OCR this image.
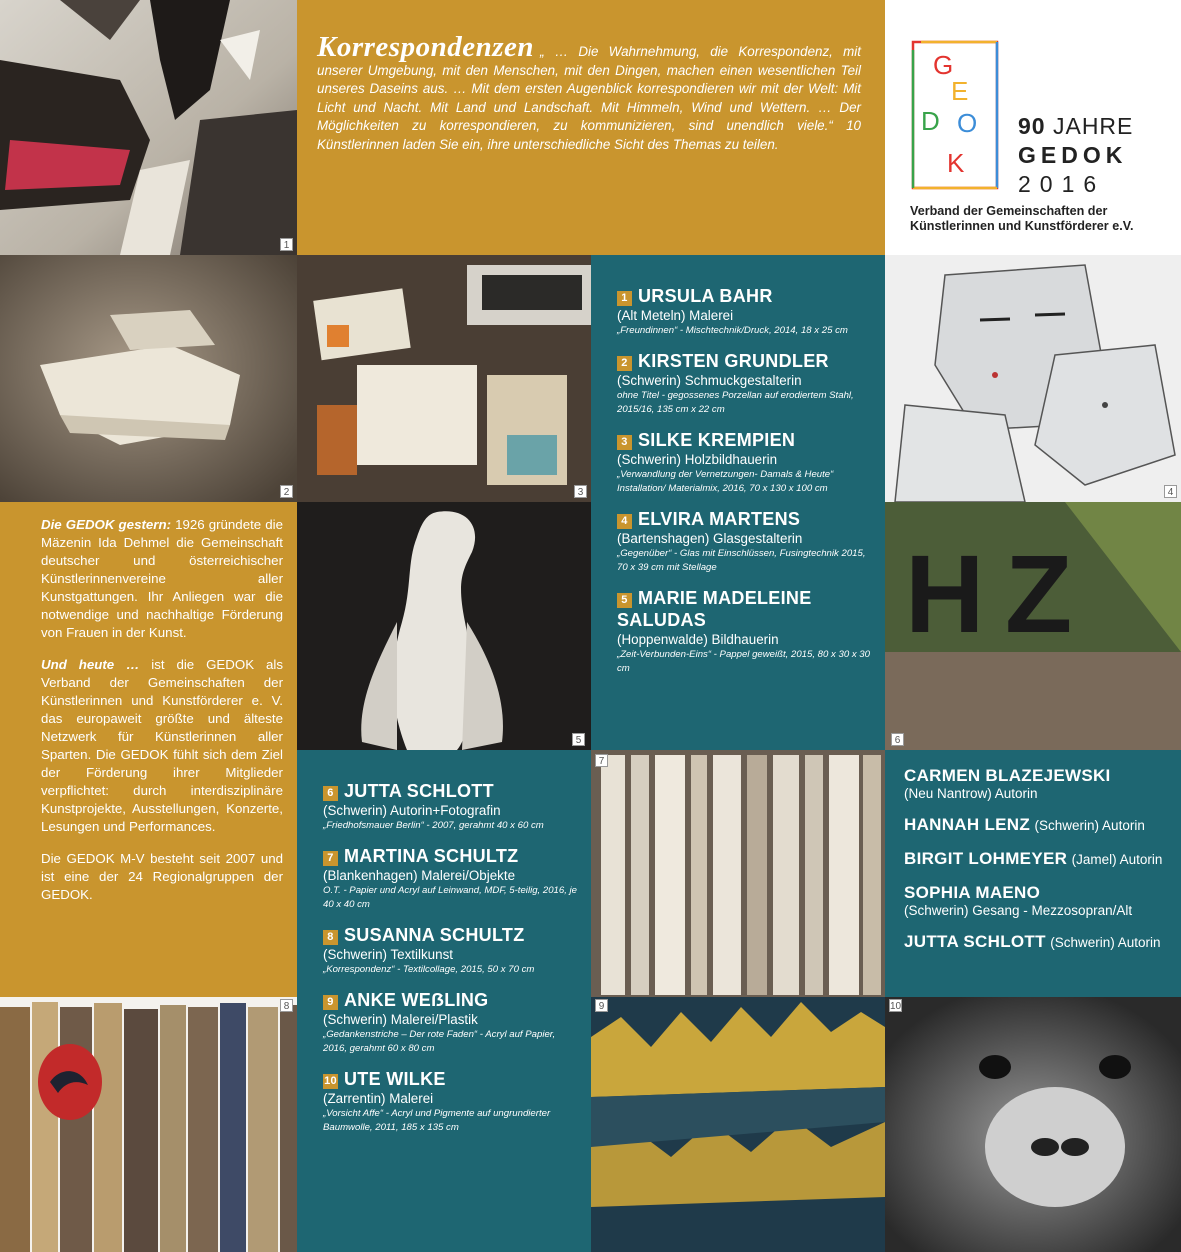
1
Korrespondenzen „ … Die Wahrnehmung, die Korrespondenz, mit unserer Umgebung, mit den Menschen, mit den Dingen, machen einen wesentlichen Teil unseres Daseins aus. … Mit dem ersten Augenblick korrespondieren wir mit der Welt: Mit Licht und Nacht. Mit Land und Landschaft. Mit Himmeln, Wind und Wettern. … Der Möglichkeiten zu korrespondieren, zu kommunizieren, sind unendlich viele.“ 10 Künstlerinnen laden Sie ein, ihre unterschiedliche Sicht des Themas zu teilen.
G
E
D O
K
90 JAHRE
GEDOK
2016
Verband der Gemeinschaften der
Künstlerinnen und Kunstförderer e.V.
2	3
1 URSULA BAHR
(Alt Meteln) Malerei
„Freundinnen“ - Mischtechnik/Druck, 2014, 18 x 25 cm
2 KIRSTEN GRUNDLER
(Schwerin) Schmuckgestalterin
ohne Titel - gegossenes Porzellan auf erodiertem Stahl, 2015/16, 135 cm x 22 cm
3 SILKE KREMPIEN
(Schwerin) Holzbildhauerin
„Verwandlung der Vernetzungen- Damals & Heute“ Installation/ Materialmix, 2016, 70 x 130 x 100 cm
4 ELVIRA MARTENS
(Bartenshagen) Glasgestalterin
„Gegenüber“ - Glas mit Einschlüssen, Fusingtechnik 2015, 70 x 39 cm mit Stellage
5 MARIE MADELEINE SALUDAS
(Hoppenwalde) Bildhauerin
„Zeit-Verbunden-Eins“ - Pappel geweißt, 2015, 80 x 30 x 30 cm
4

Die GEDOK gestern: 1926 gründete die Mäzenin Ida Dehmel die Gemeinschaft deutscher und österreichischer Künstlerinnenvereine aller Kunstgattungen. Ihr Anliegen war die notwendige und nachhaltige Förderung von Frauen in der Kunst.

Und heute … ist die GEDOK als Verband der Gemeinschaften der Künstlerinnen und Kunstförderer e. V. das europaweit größte und älteste Netzwerk für Künstlerinnen aller Sparten. Die GEDOK fühlt sich dem Ziel der Förderung ihrer Mitglieder verpflichtet: durch interdisziplinäre Kunstprojekte, Ausstellungen, Konzerte, Lesungen und Performances.

Die GEDOK M-V besteht seit 2007 und ist eine der 24 Regionalgruppen der GEDOK.

5
H Z
6
6 JUTTA SCHLOTT
(Schwerin) Autorin+Fotografin
„Friedhofsmauer Berlin“ - 2007, gerahmt 40 x 60 cm
7 MARTINA SCHULTZ
(Blankenhagen) Malerei/Objekte
O.T. - Papier und Acryl auf Leinwand, MDF, 5-teilig, 2016, je 40 x 40 cm
8 SUSANNA SCHULTZ
(Schwerin) Textilkunst
„Korrespondenz“ - Textilcollage, 2015, 50 x 70 cm
9 ANKE WEẞLING
(Schwerin) Malerei/Plastik
„Gedankenstriche – Der rote Faden“ - Acryl auf Papier, 2016, gerahmt 60 x 80 cm
10 UTE WILKE
(Zarrentin) Malerei
„Vorsicht Affe“ - Acryl und Pigmente auf ungrundierter Baumwolle, 2011, 185 x 135 cm
7
CARMEN BLAZEJEWSKI
(Neu Nantrow) Autorin
HANNAH LENZ (Schwerin) Autorin
BIRGIT LOHMEYER (Jamel) Autorin
SOPHIA MAENO
(Schwerin) Gesang - Mezzosopran/Alt
JUTTA SCHLOTT (Schwerin) Autorin
8	9	10
